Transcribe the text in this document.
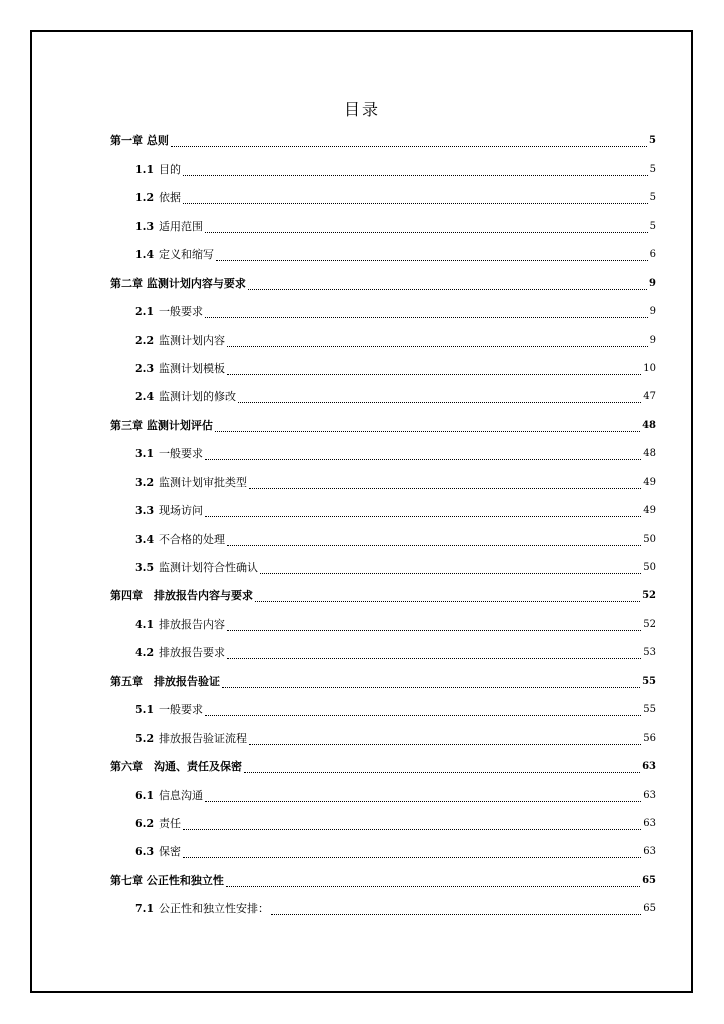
目录
第一章 总则	5
1.1 目的	5
1.2 依据	5
1.3 适用范围	5
1.4 定义和缩写	6
第二章 监测计划内容与要求	9
2.1 一般要求	9
2.2 监测计划内容	9
2.3 监测计划模板	10
2.4 监测计划的修改	47
第三章 监测计划评估	48
3.1 一般要求	48
3.2 监测计划审批类型	49
3.3 现场访问	49
3.4 不合格的处理	50
3.5 监测计划符合性确认	50
第四章　排放报告内容与要求	52
4.1 排放报告内容	52
4.2 排放报告要求	53
第五章　排放报告验证	55
5.1 一般要求	55
5.2 排放报告验证流程	56
第六章　沟通、责任及保密	63
6.1 信息沟通	63
6.2 责任	63
6.3 保密	63
第七章 公正性和独立性	65
7.1 公正性和独立性安排：	65
